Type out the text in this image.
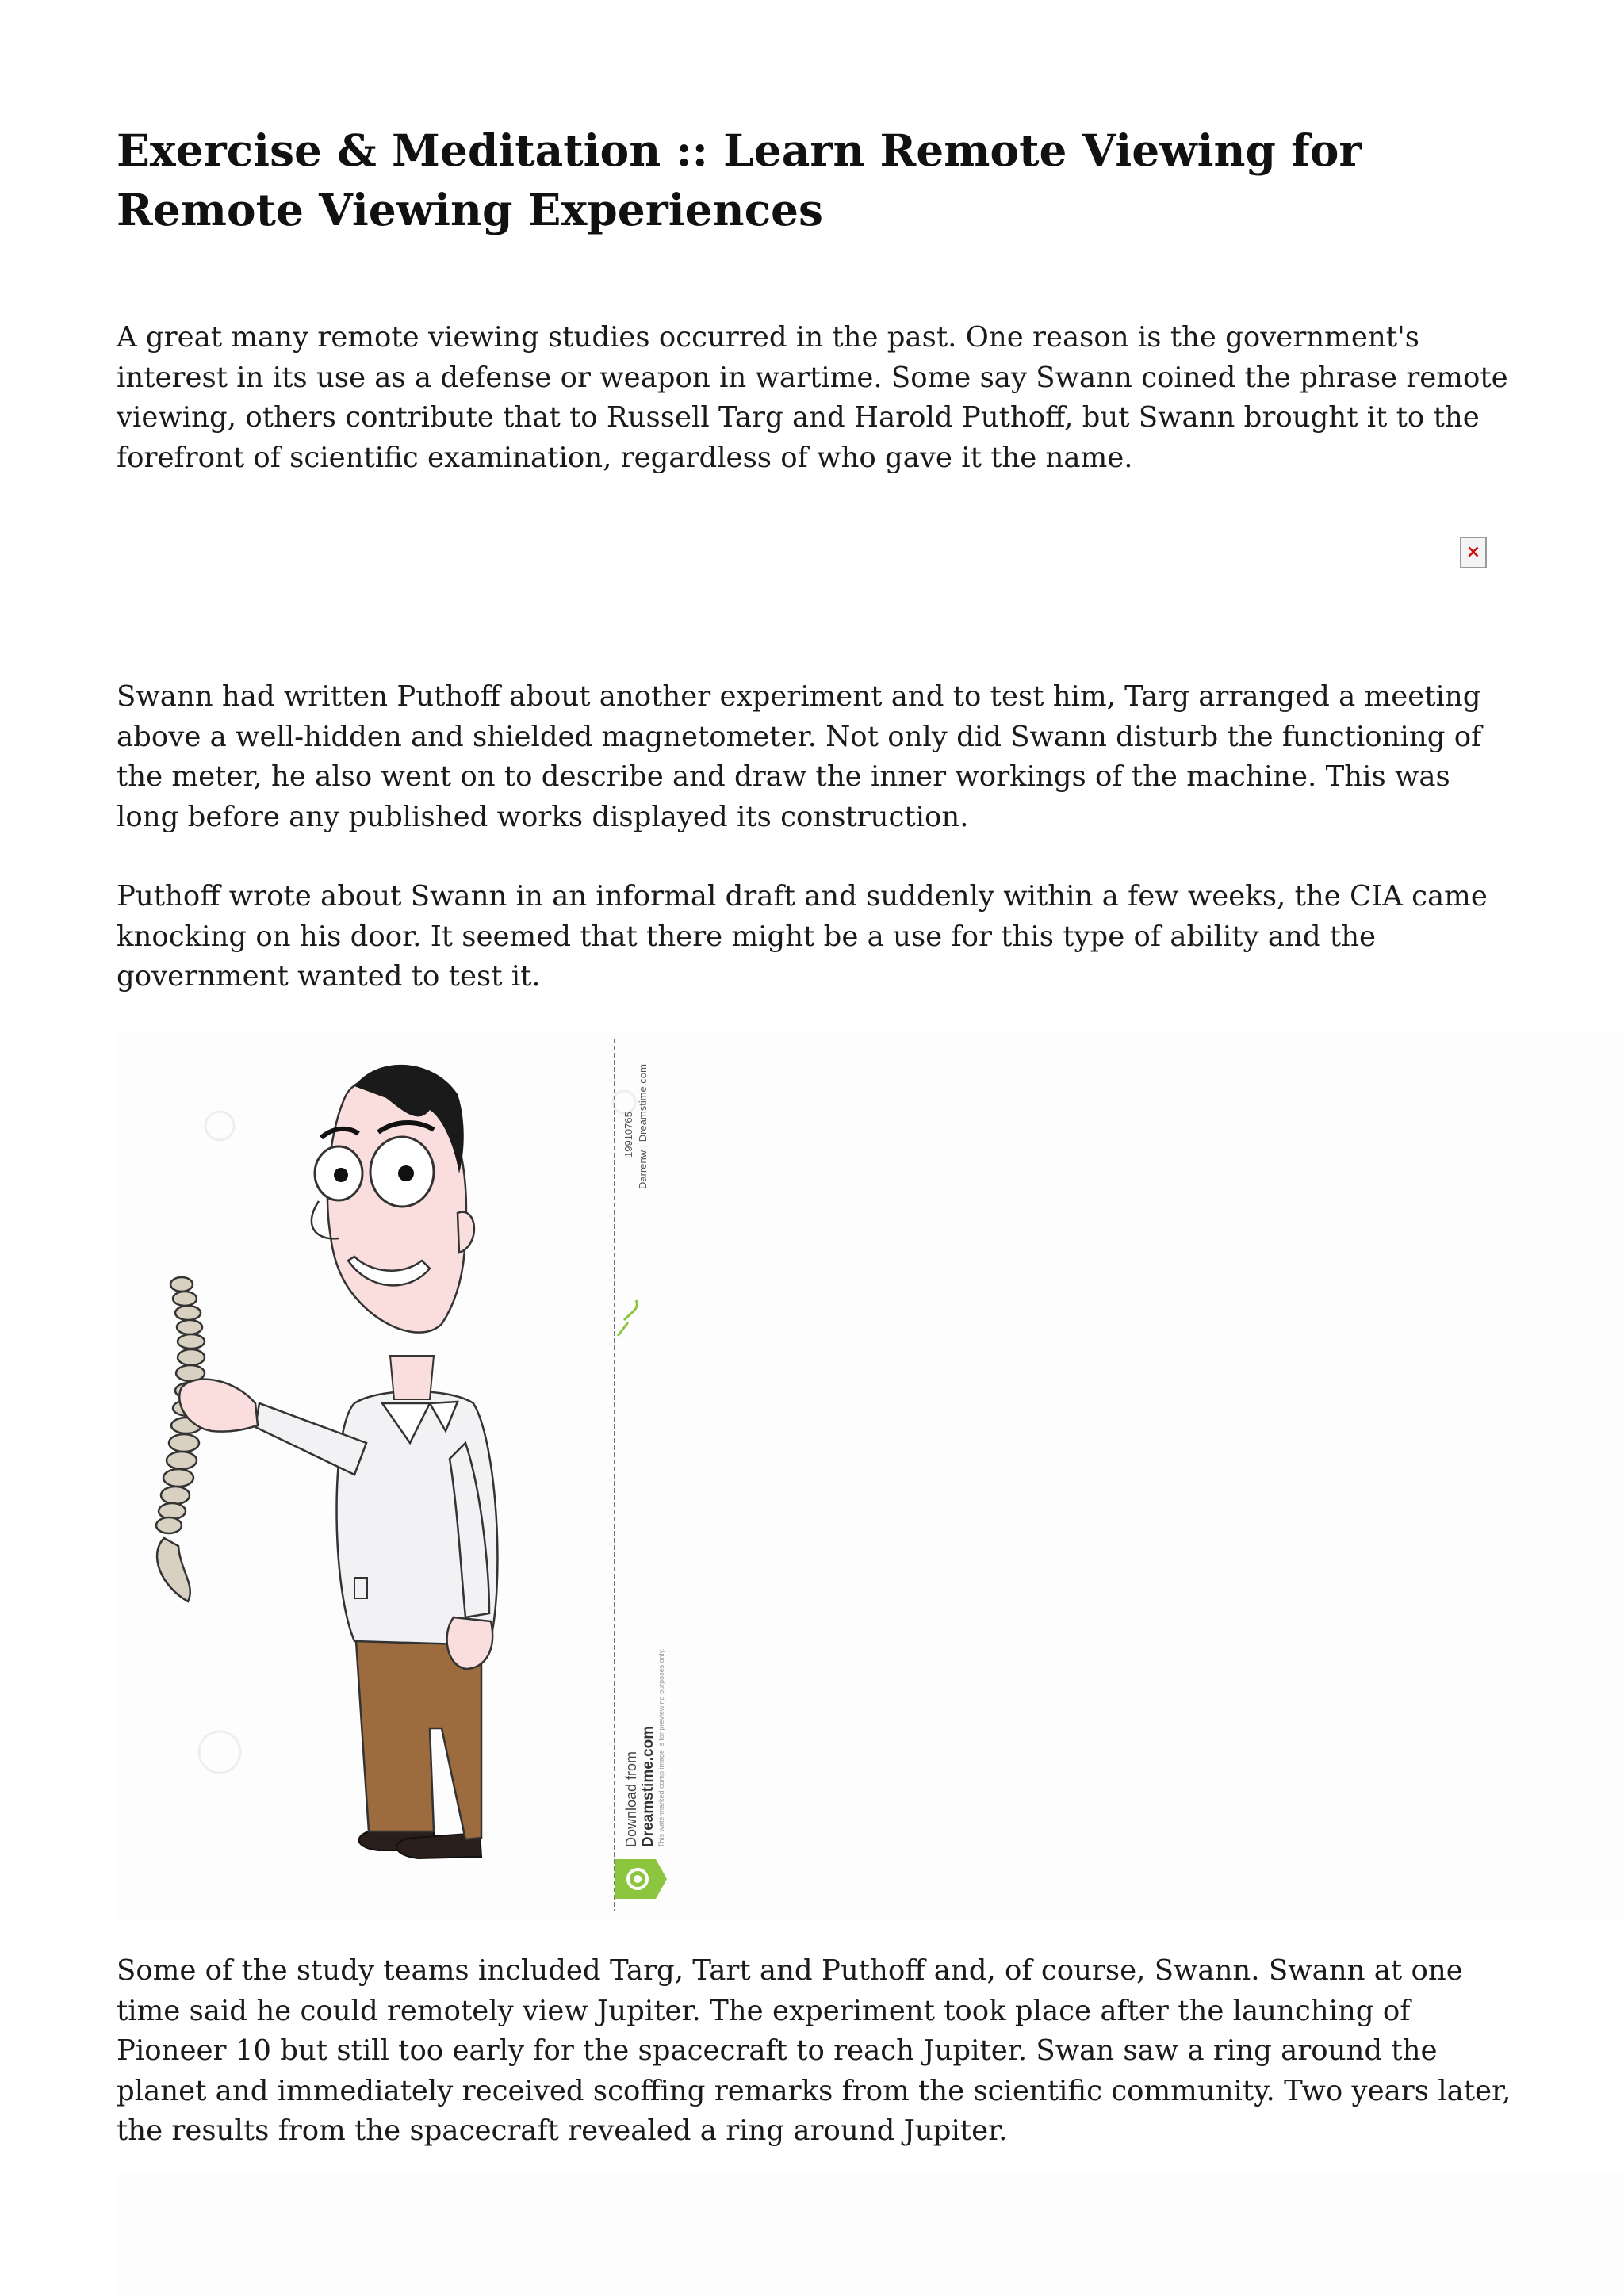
Exercise & Meditation :: Learn Remote Viewing for Remote Viewing Experiences

A great many remote viewing studies occurred in the past. One reason is the government's interest in its use as a defense or weapon in wartime. Some say Swann coined the phrase remote viewing, others contribute that to Russell Targ and Harold Puthoff, but Swann brought it to the forefront of scientific examination, regardless of who gave it the name.

Swann had written Puthoff about another experiment and to test him, Targ arranged a meeting above a well-hidden and shielded magnetometer. Not only did Swann disturb the functioning of the meter, he also went on to describe and draw the inner workings of the machine. This was long before any published works displayed its construction.

Puthoff wrote about Swann in an informal draft and suddenly within a few weeks, the CIA came knocking on his door. It seemed that there might be a use for this type of ability and the government wanted to test it.

Some of the study teams included Targ, Tart and Puthoff and, of course, Swann. Swann at one time said he could remotely view Jupiter. The experiment took place after the launching of Pioneer 10 but still too early for the spacecraft to reach Jupiter. Swan saw a ring around the planet and immediately received scoffing remarks from the scientific community. Two years later, the results from the spacecraft revealed a ring around Jupiter.

×
19910765 Darrenw | Dreamstime.com
Download from Dreamstime.com This watermarked comp image is for previewing purposes only.
